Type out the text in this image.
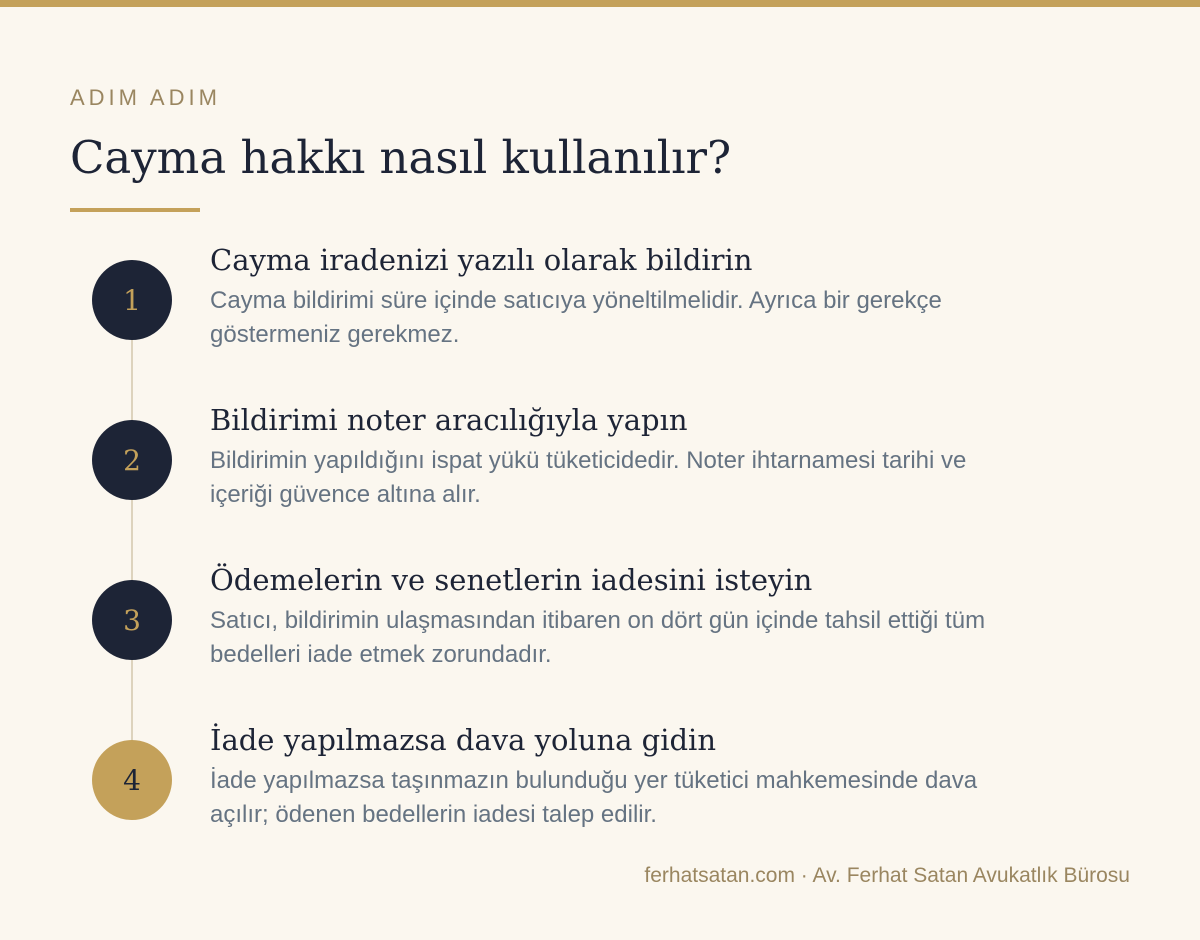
ADIM ADIM
Cayma hakkı nasıl kullanılır?
1
Cayma iradenizi yazılı olarak bildirin

Cayma bildirimi süre içinde satıcıya yöneltilmelidir. Ayrıca bir gerekçe göstermeniz gerekmez.

2
Bildirimi noter aracılığıyla yapın

Bildirimin yapıldığını ispat yükü tüketicidedir. Noter ihtarnamesi tarihi ve içeriği güvence altına alır.

3
Ödemelerin ve senetlerin iadesini isteyin

Satıcı, bildirimin ulaşmasından itibaren on dört gün içinde tahsil ettiği tüm bedelleri iade etmek zorundadır.

4
İade yapılmazsa dava yoluna gidin

İade yapılmazsa taşınmazın bulunduğu yer tüketici mahkemesinde dava açılır; ödenen bedellerin iadesi talep edilir.

ferhatsatan.com · Av. Ferhat Satan Avukatlık Bürosu
